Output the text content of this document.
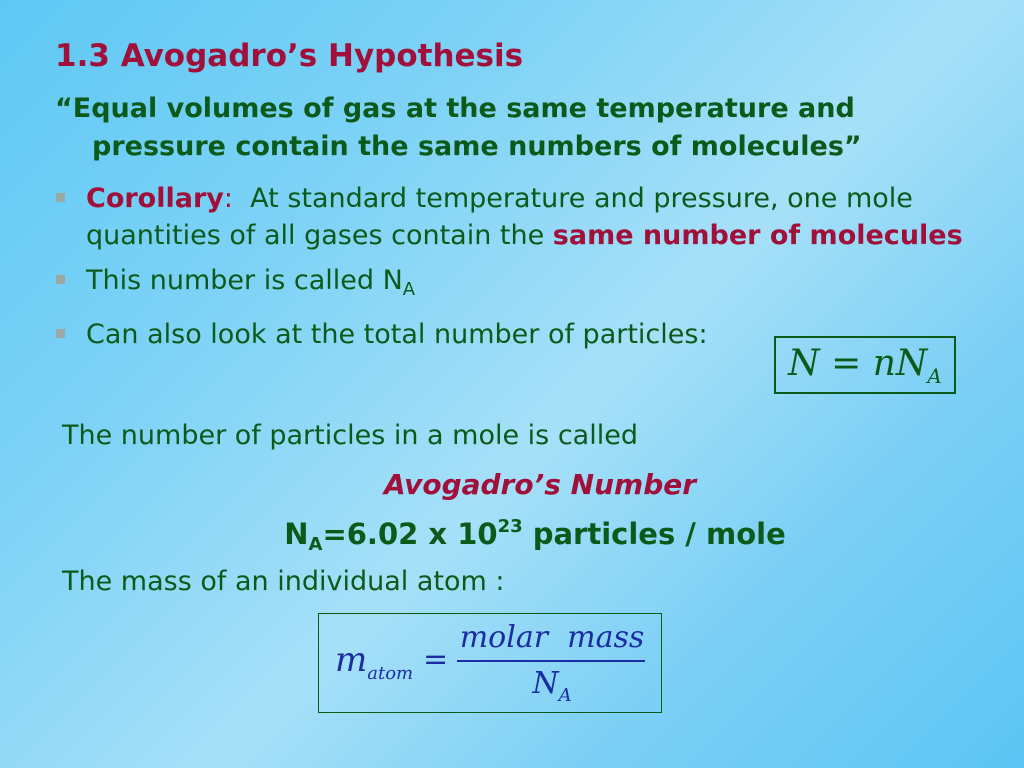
1.3 Avogadro’s Hypothesis
“Equal volumes of gas at the same temperature and
pressure contain the same numbers of molecules”
Corollary:  At standard temperature and pressure, one mole quantities of all gases contain the same number of molecules
This number is called $N_A$
Can also look at the total number of particles:
$N = nN_A$
The number of particles in a mole is called
Avogadro’s Number
$N_A=6.02$ x $10^{23}$ particles / mole
The mass of an individual atom :
$m_{atom}$ =
molar  mass
$N_A$
